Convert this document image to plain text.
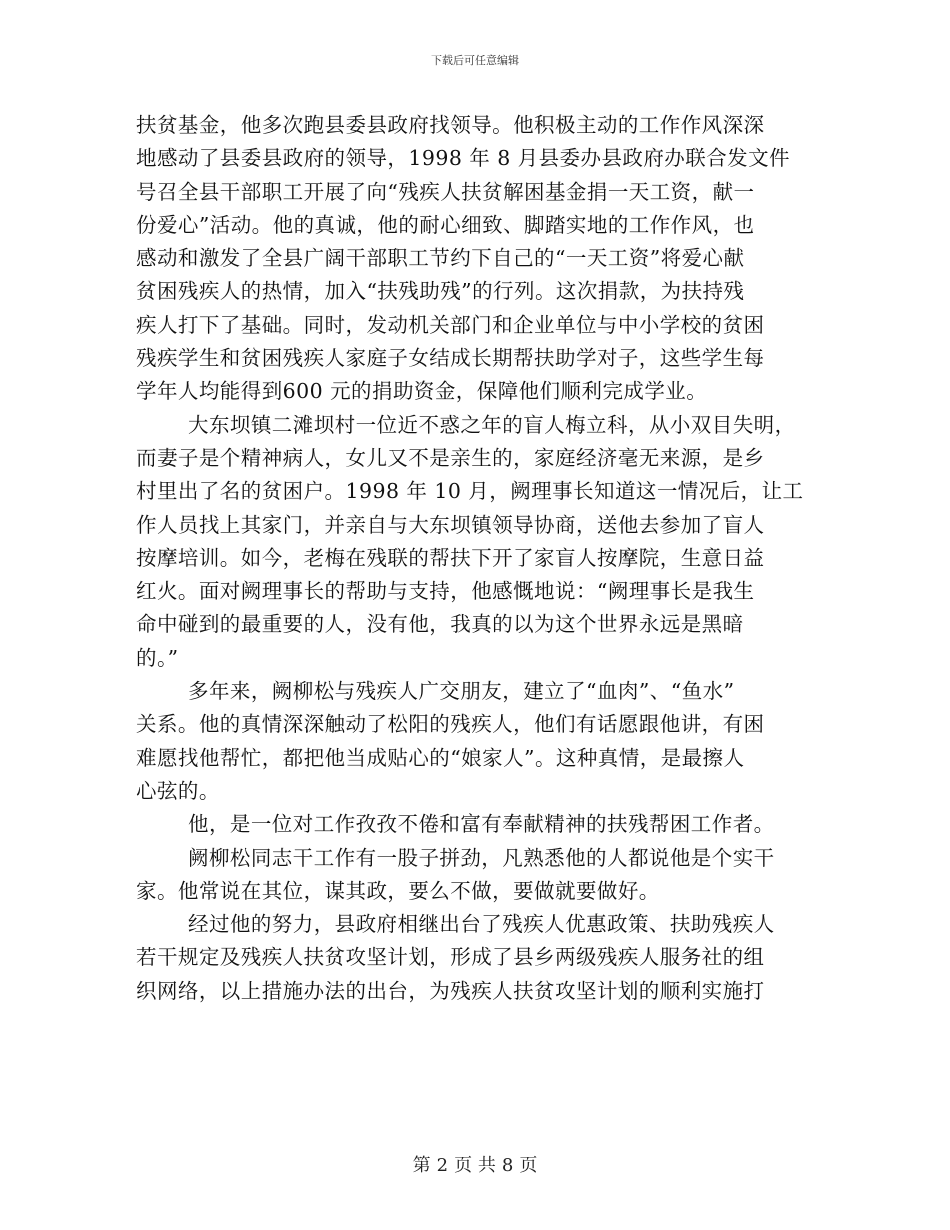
下载后可任意编辑
扶贫基金，他多次跑县委县政府找领导。他积极主动的工作作风深深
地感动了县委县政府的领导，1998 年 8 月县委办县政府办联合发文件
号召全县干部职工开展了向“残疾人扶贫解困基金捐一天工资，献一
份爱心”活动。他的真诚，他的耐心细致、脚踏实地的工作作风，也
感动和激发了全县广阔干部职工节约下自己的“一天工资”将爱心献
贫困残疾人的热情，加入“扶残助残”的行列。这次捐款，为扶持残
疾人打下了基础。同时，发动机关部门和企业单位与中小学校的贫困
残疾学生和贫困残疾人家庭子女结成长期帮扶助学对子，这些学生每
学年人均能得到600 元的捐助资金，保障他们顺利完成学业。
大东坝镇二滩坝村一位近不惑之年的盲人梅立科，从小双目失明，
而妻子是个精神病人，女儿又不是亲生的，家庭经济毫无来源，是乡
村里出了名的贫困户。1998 年 10 月，阙理事长知道这一情况后，让工
作人员找上其家门，并亲自与大东坝镇领导协商，送他去参加了盲人
按摩培训。如今，老梅在残联的帮扶下开了家盲人按摩院，生意日益
红火。面对阙理事长的帮助与支持，他感慨地说：“阙理事长是我生
命中碰到的最重要的人，没有他，我真的以为这个世界永远是黑暗
的。”
多年来，阙柳松与残疾人广交朋友，建立了“血肉”、“鱼水”
关系。他的真情深深触动了松阳的残疾人，他们有话愿跟他讲，有困
难愿找他帮忙，都把他当成贴心的“娘家人”。这种真情，是最擦人
心弦的。
他，是一位对工作孜孜不倦和富有奉献精神的扶残帮困工作者。
阙柳松同志干工作有一股子拼劲，凡熟悉他的人都说他是个实干
家。他常说在其位，谋其政，要么不做，要做就要做好。
经过他的努力，县政府相继出台了残疾人优惠政策、扶助残疾人
若干规定及残疾人扶贫攻坚计划，形成了县乡两级残疾人服务社的组
织网络，以上措施办法的出台，为残疾人扶贫攻坚计划的顺利实施打
第 2 页 共 8 页
